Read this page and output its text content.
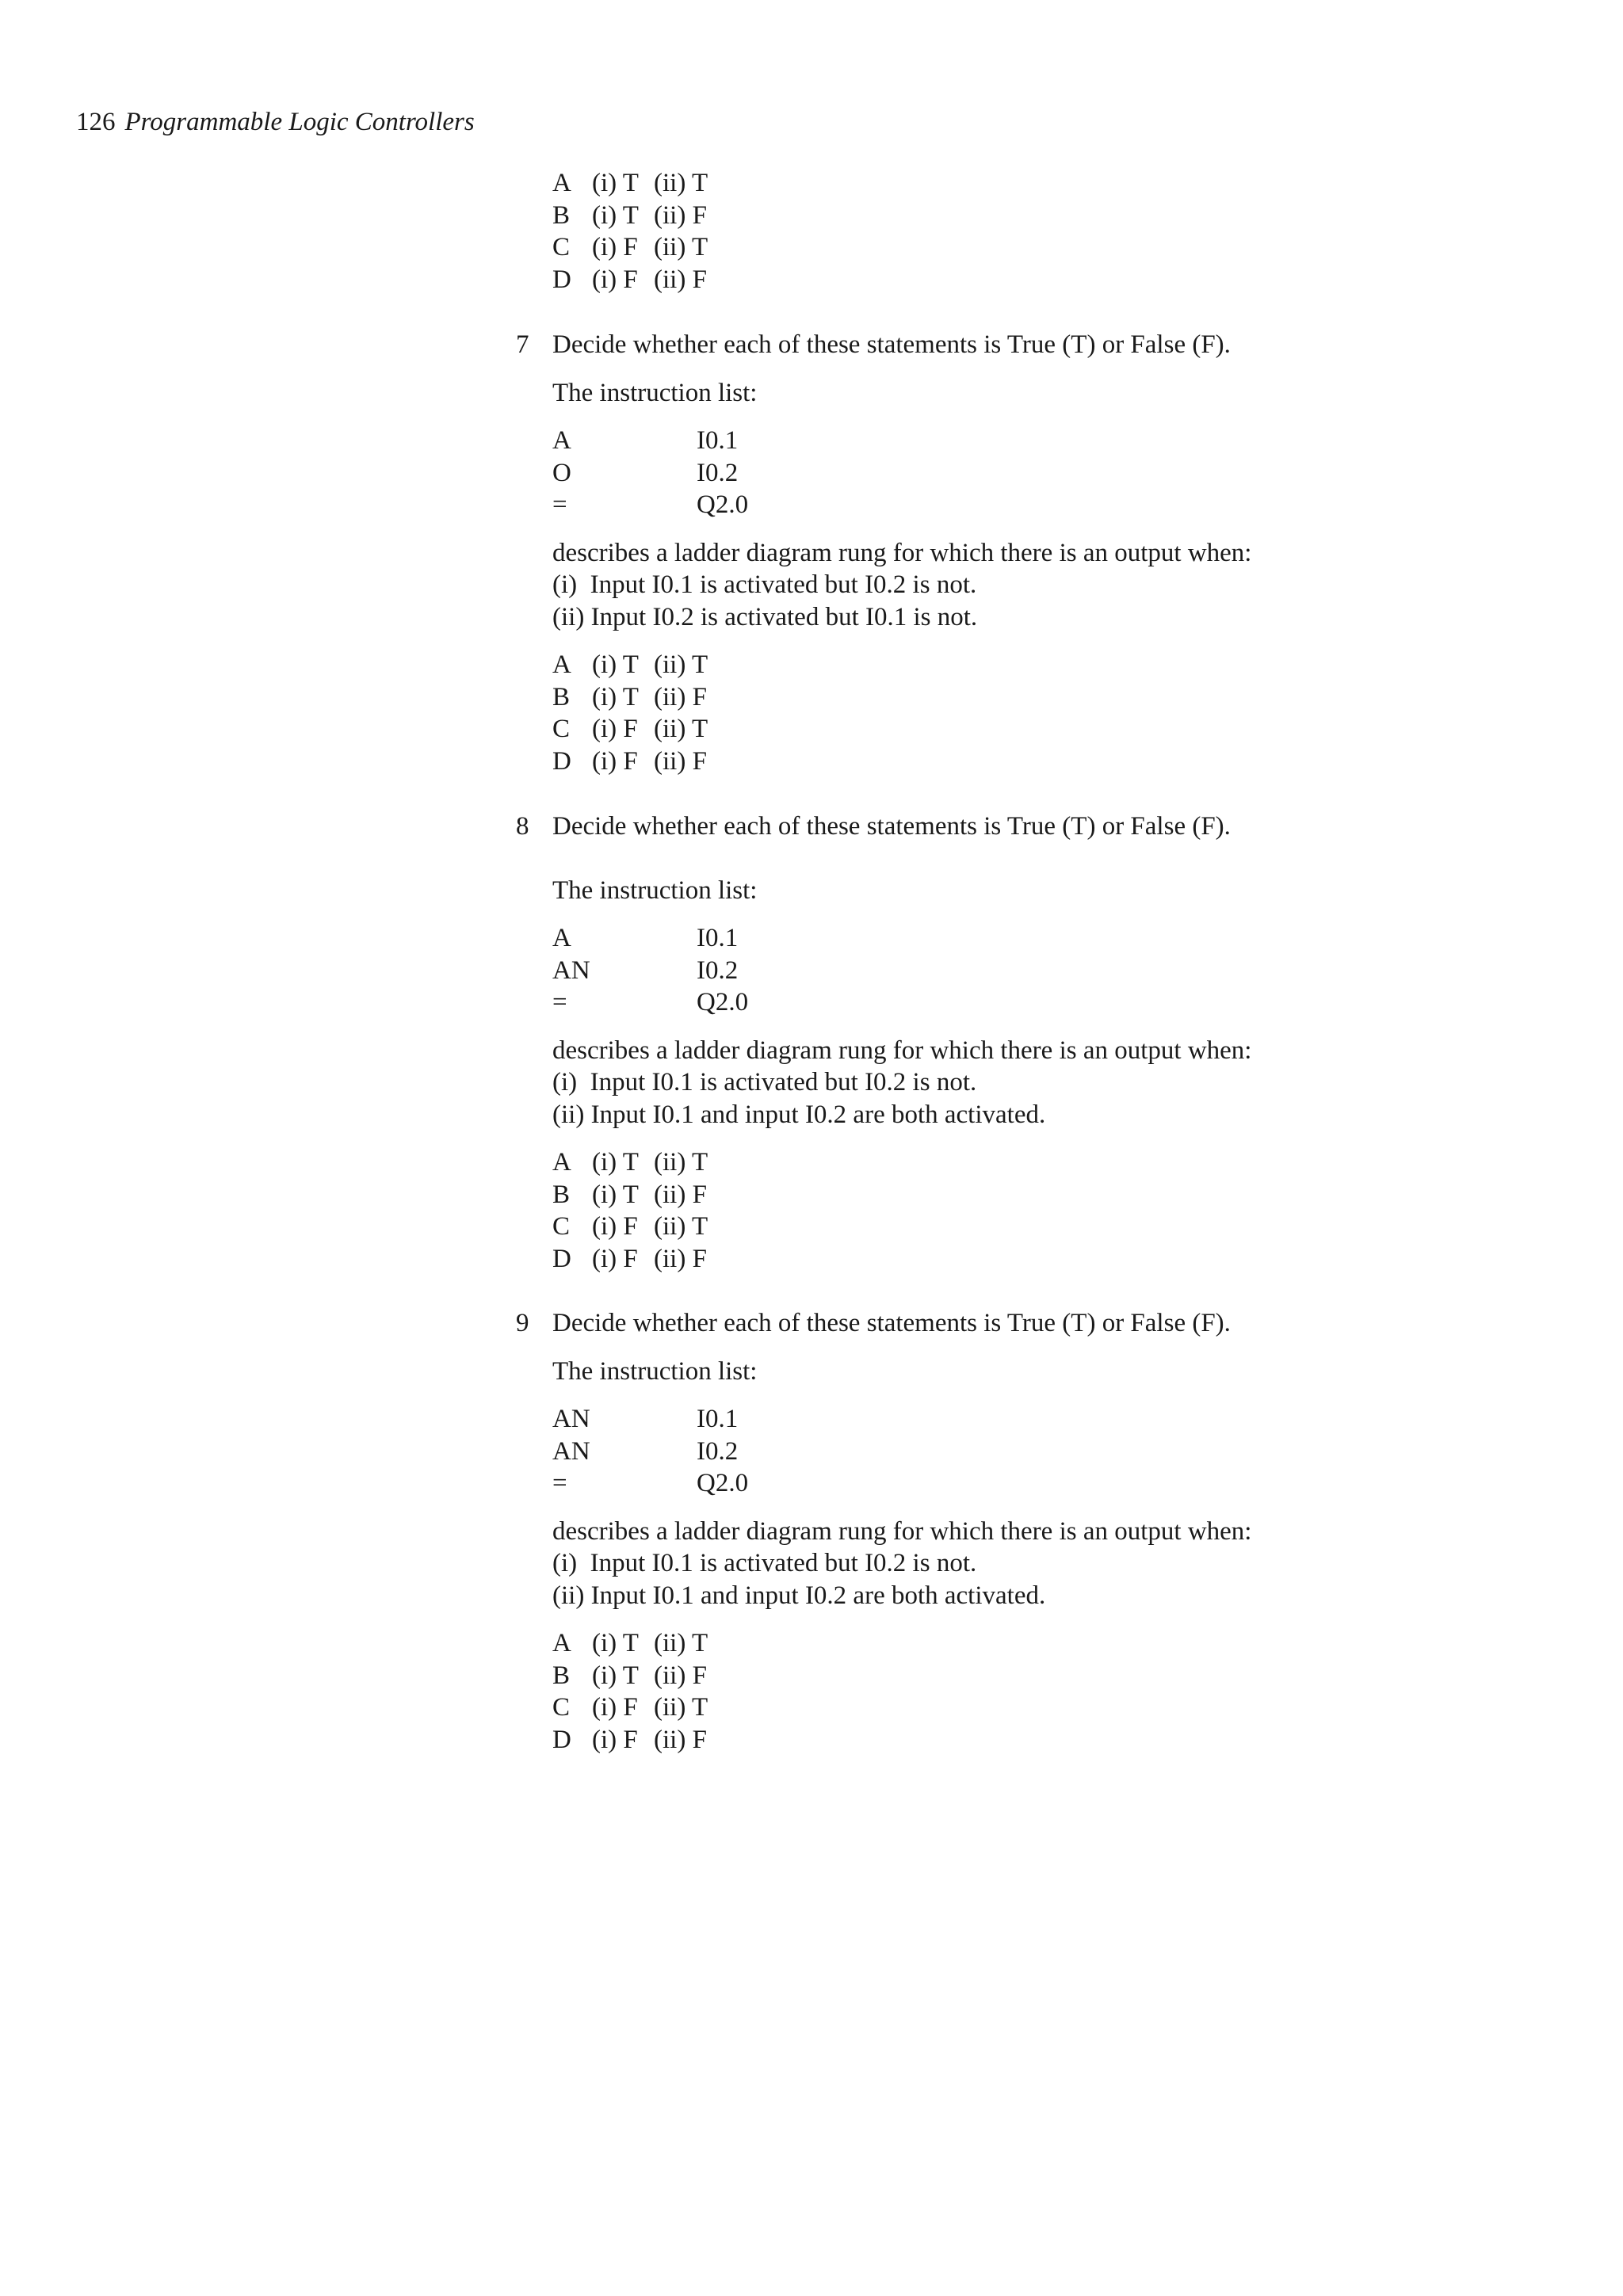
126 Programmable Logic Controllers
A (i) T (ii) T
B (i) T (ii) F
C (i) F (ii) T
D (i) F (ii) F
7 Decide whether each of these statements is True (T) or False (F).
The instruction list:
A	I0.1
O	I0.2
=	Q2.0
describes a ladder diagram rung for which there is an output when:
(i)  Input I0.1 is activated but I0.2 is not.
(ii) Input I0.2 is activated but I0.1 is not.
A (i) T (ii) T
B (i) T (ii) F
C (i) F (ii) T
D (i) F (ii) F
8 Decide whether each of these statements is True (T) or False (F).
The instruction list:
A	I0.1
AN	I0.2
=	Q2.0
describes a ladder diagram rung for which there is an output when:
(i)  Input I0.1 is activated but I0.2 is not.
(ii) Input I0.1 and input I0.2 are both activated.
A (i) T (ii) T
B (i) T (ii) F
C (i) F (ii) T
D (i) F (ii) F
9 Decide whether each of these statements is True (T) or False (F).
The instruction list:
AN	I0.1
AN	I0.2
=	Q2.0
describes a ladder diagram rung for which there is an output when:
(i)  Input I0.1 is activated but I0.2 is not.
(ii) Input I0.1 and input I0.2 are both activated.
A (i) T (ii) T
B (i) T (ii) F
C (i) F (ii) T
D (i) F (ii) F
